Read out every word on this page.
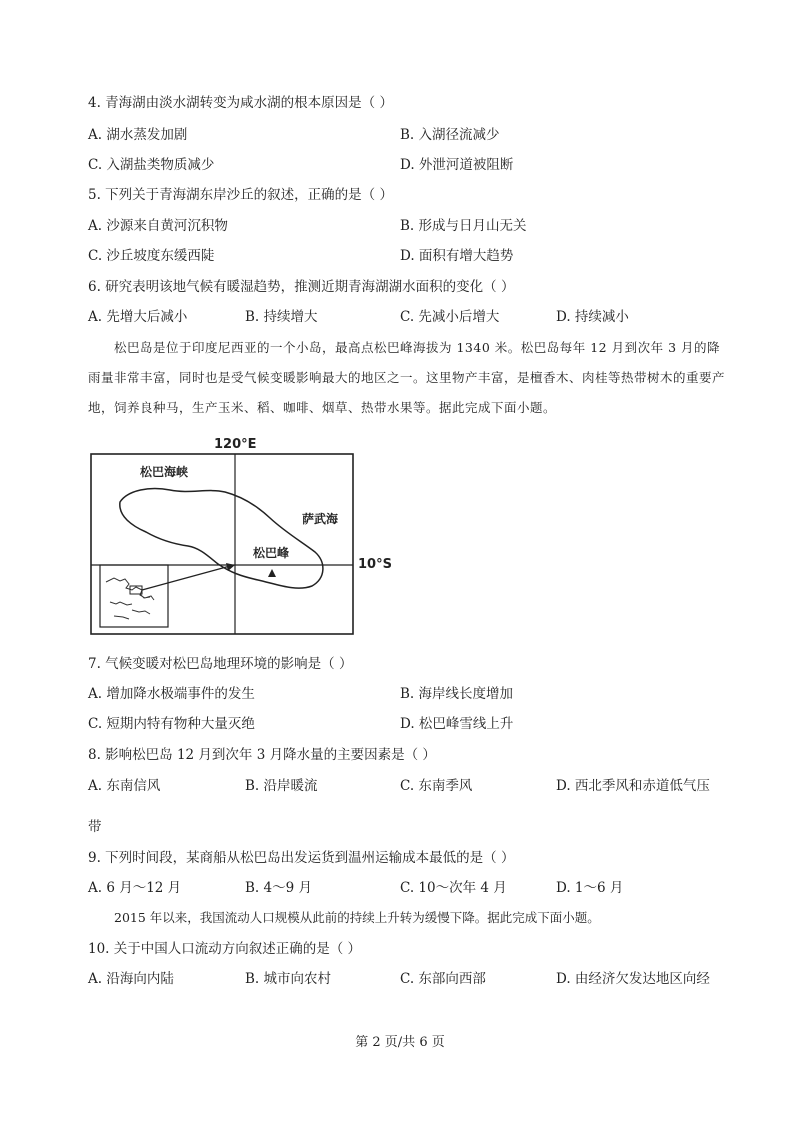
4. 青海湖由淡水湖转变为咸水湖的根本原因是（ ）
A. 湖水蒸发加剧	B. 入湖径流减少
C. 入湖盐类物质减少	D. 外泄河道被阻断
5. 下列关于青海湖东岸沙丘的叙述，正确的是（ ）
A. 沙源来自黄河沉积物	B. 形成与日月山无关
C. 沙丘坡度东缓西陡	D. 面积有增大趋势
6. 研究表明该地气候有暖湿趋势，推测近期青海湖湖水面积的变化（ ）
A. 先增大后减小	B. 持续增大	C. 先减小后增大	D. 持续减小

松巴岛是位于印度尼西亚的一个小岛，最高点松巴峰海拔为 1340 米。松巴岛每年 12 月到次年 3 月的降雨量非常丰富，同时也是受气候变暖影响最大的地区之一。这里物产丰富，是檀香木、肉桂等热带树木的重要产地，饲养良种马，生产玉米、稻、咖啡、烟草、热带水果等。据此完成下面小题。

120°E
松巴海峡
萨武海
松巴峰
10°S
7. 气候变暖对松巴岛地理环境的影响是（ ）
A. 增加降水极端事件的发生	B. 海岸线长度增加
C. 短期内特有物种大量灭绝	D. 松巴峰雪线上升
8. 影响松巴岛 12 月到次年 3 月降水量的主要因素是（ ）
A. 东南信风	B. 沿岸暖流	C. 东南季风	D. 西北季风和赤道低气压
带
9. 下列时间段，某商船从松巴岛出发运货到温州运输成本最低的是（ ）
A. 6 月～12 月	B. 4～9 月	C. 10～次年 4 月	D. 1～6 月
2015 年以来，我国流动人口规模从此前的持续上升转为缓慢下降。据此完成下面小题。
10. 关于中国人口流动方向叙述正确的是（ ）
A. 沿海向内陆	B. 城市向农村	C. 东部向西部	D. 由经济欠发达地区向经
第 2 页/共 6 页
